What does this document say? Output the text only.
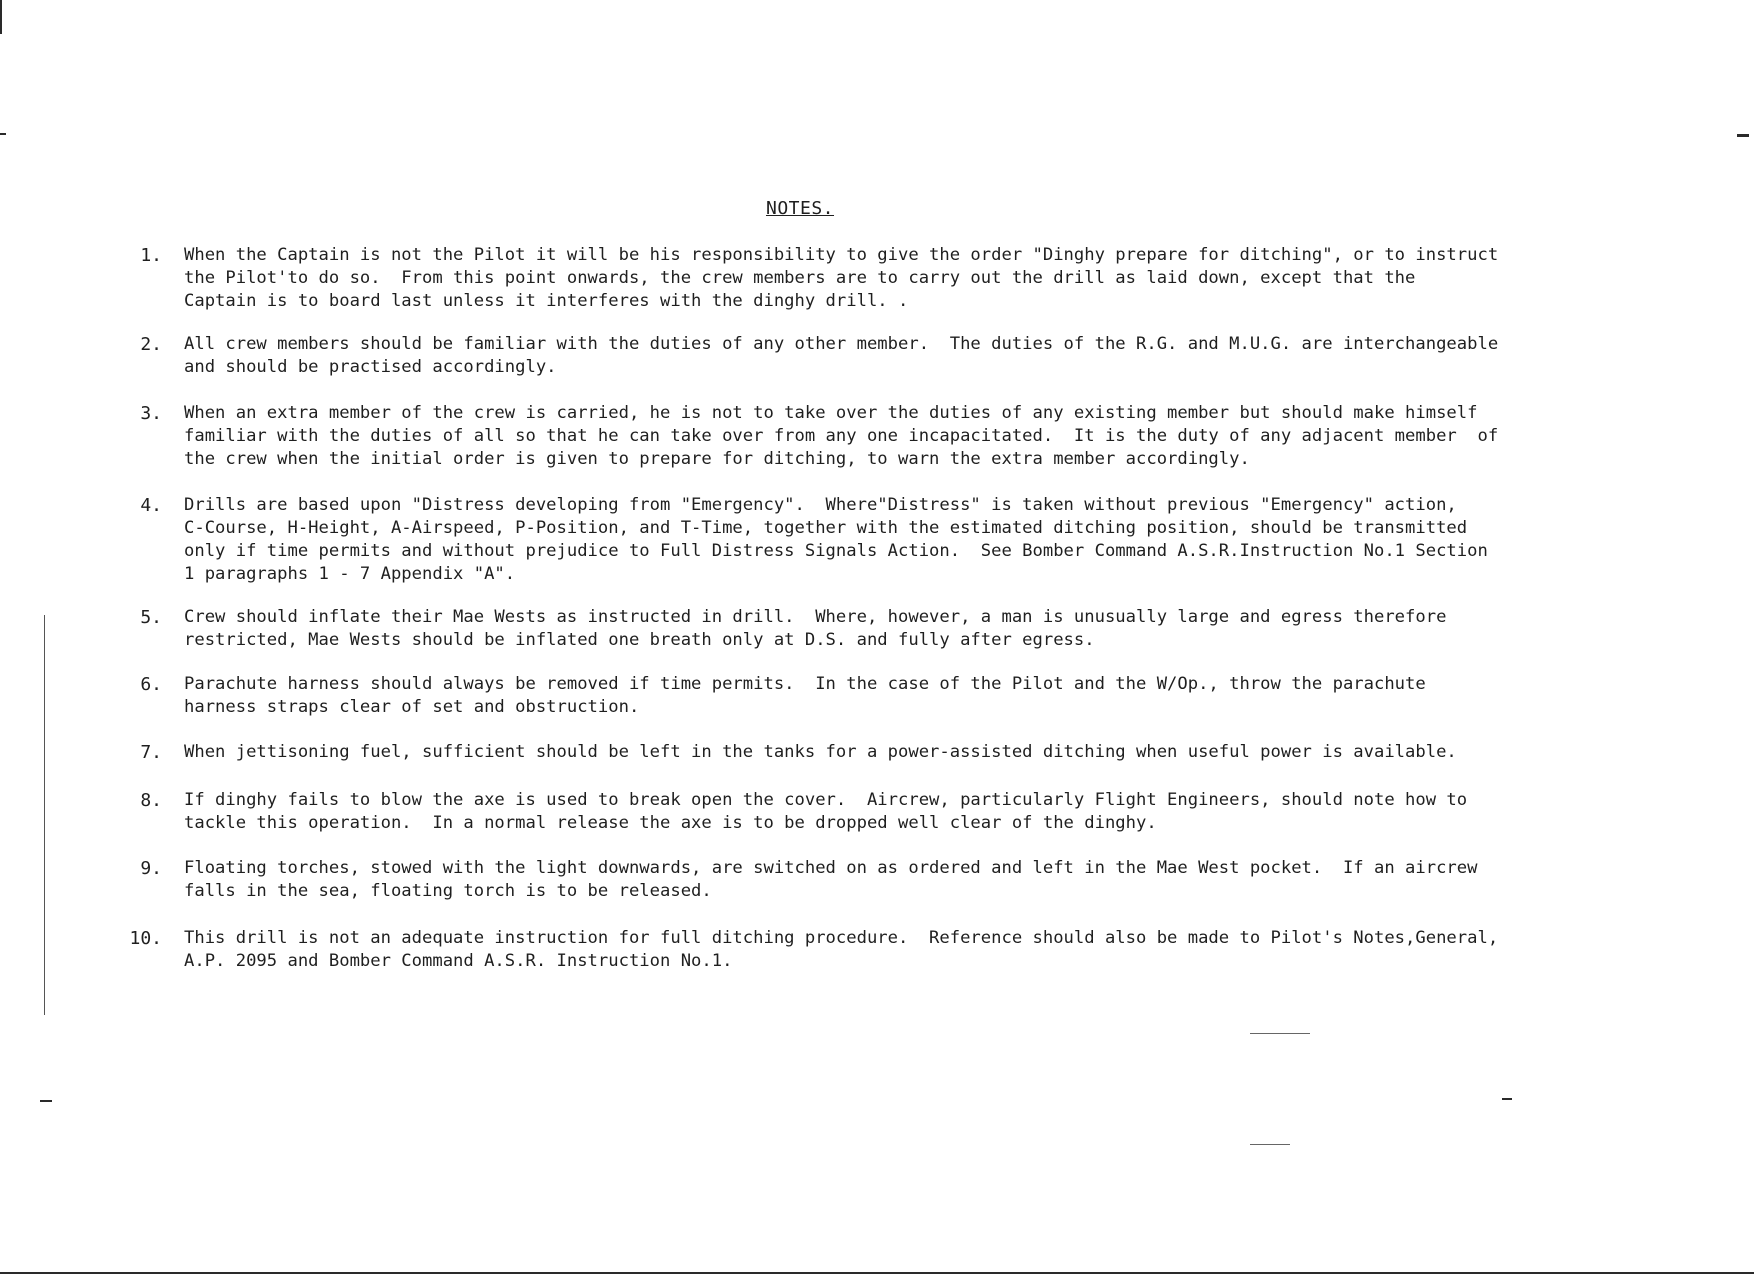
NOTES.
1.	When the Captain is not the Pilot it will be his responsibility to give the order "Dinghy prepare for ditching", or to instruct
the Pilot'to do so.  From this point onwards, the crew members are to carry out the drill as laid down, except that the
Captain is to board last unless it interferes with the dinghy drill. .
2.	All crew members should be familiar with the duties of any other member.  The duties of the R.G. and M.U.G. are interchangeable
and should be practised accordingly.
3.	When an extra member of the crew is carried, he is not to take over the duties of any existing member but should make himself
familiar with the duties of all so that he can take over from any one incapacitated.  It is the duty of any adjacent member  of
the crew when the initial order is given to prepare for ditching, to warn the extra member accordingly.
4.	Drills are based upon "Distress developing from "Emergency".  Where"Distress" is taken without previous "Emergency" action,
C-Course, H-Height, A-Airspeed, P-Position, and T-Time, together with the estimated ditching position, should be transmitted
only if time permits and without prejudice to Full Distress Signals Action.  See Bomber Command A.S.R.Instruction No.1 Section
1 paragraphs 1 - 7 Appendix "A".
5.	Crew should inflate their Mae Wests as instructed in drill.  Where, however, a man is unusually large and egress therefore
restricted, Mae Wests should be inflated one breath only at D.S. and fully after egress.
6.	Parachute harness should always be removed if time permits.  In the case of the Pilot and the W/Op., throw the parachute
harness straps clear of set and obstruction.
7.	When jettisoning fuel, sufficient should be left in the tanks for a power-assisted ditching when useful power is available.
8.	If dinghy fails to blow the axe is used to break open the cover.  Aircrew, particularly Flight Engineers, should note how to
tackle this operation.  In a normal release the axe is to be dropped well clear of the dinghy.
9.	Floating torches, stowed with the light downwards, are switched on as ordered and left in the Mae West pocket.  If an aircrew
falls in the sea, floating torch is to be released.
10.	This drill is not an adequate instruction for full ditching procedure.  Reference should also be made to Pilot's Notes,General,
A.P. 2095 and Bomber Command A.S.R. Instruction No.1.
